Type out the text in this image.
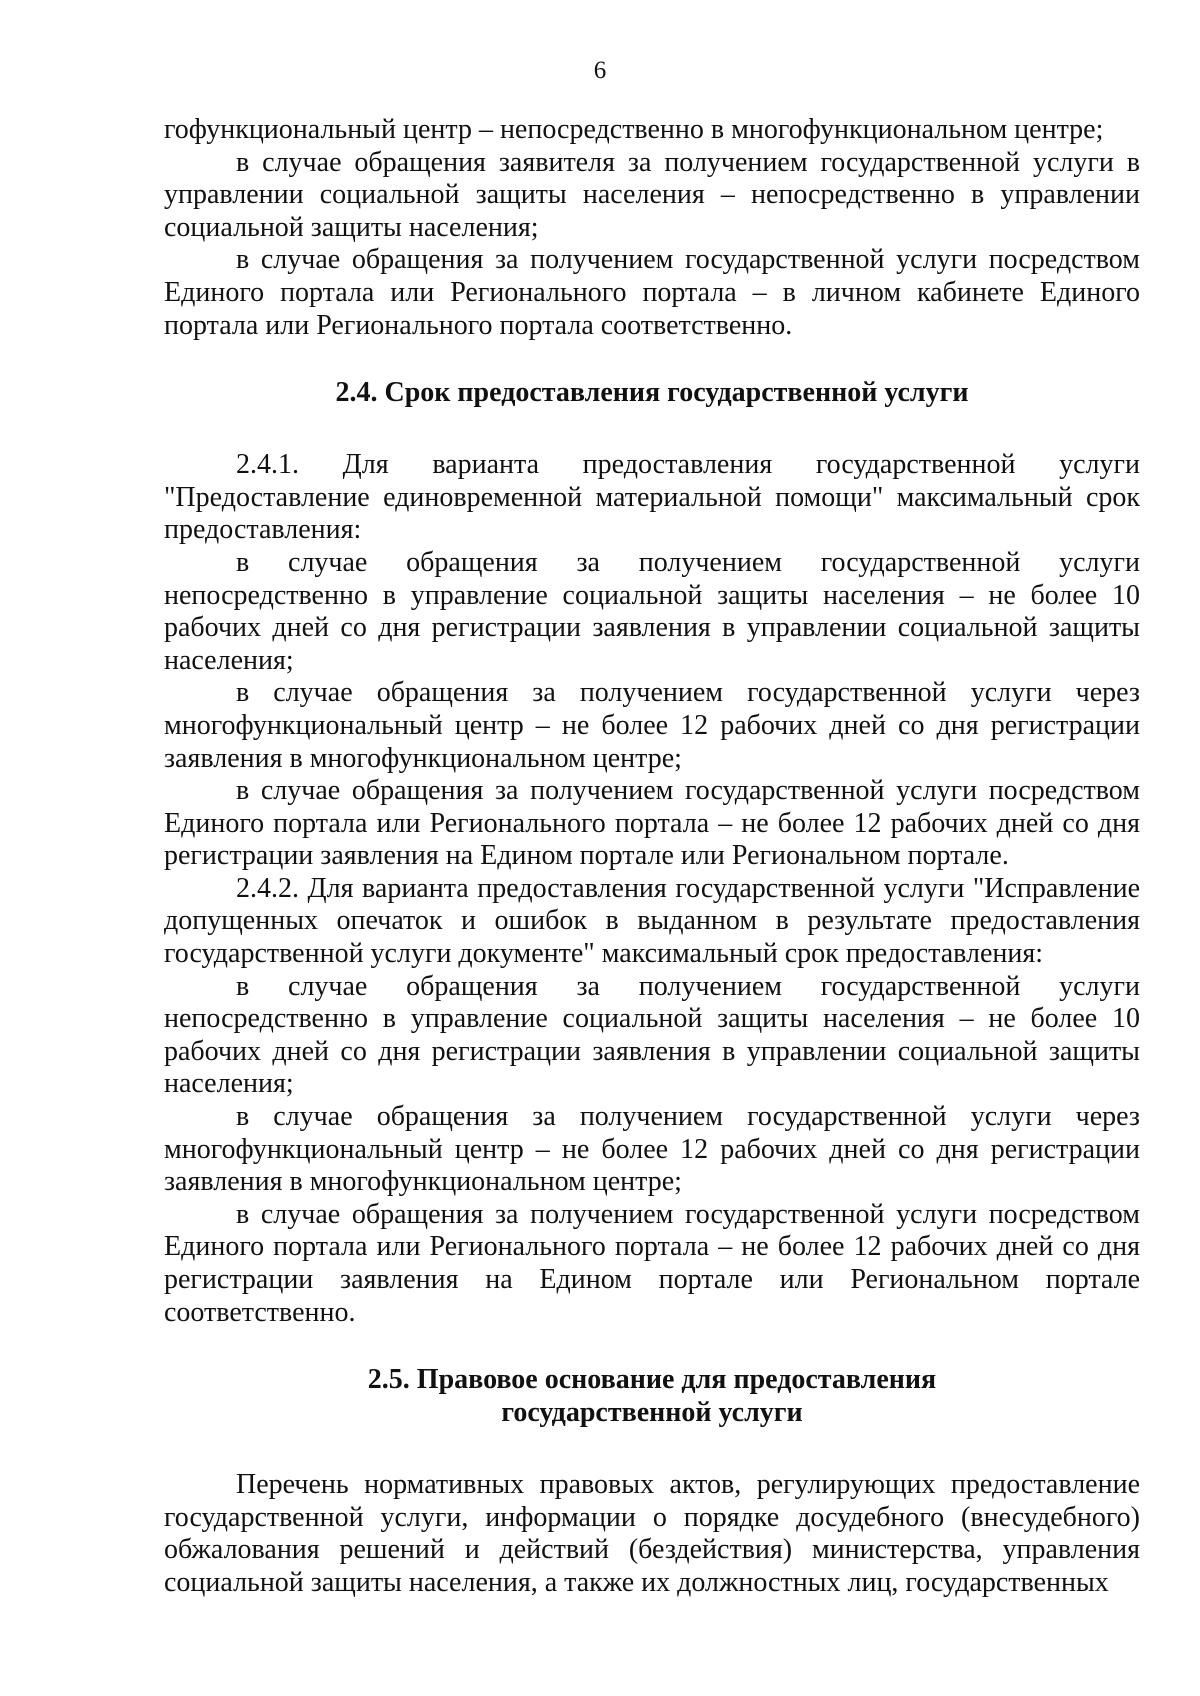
6

гофункциональный центр – непосредственно в многофункциональном центре;

в случае обращения заявителя за получением государственной услуги в управлении социальной защиты населения – непосредственно в управлении социальной защиты населения;

в случае обращения за получением государственной услуги посредством Единого портала или Регионального портала – в личном кабинете Единого портала или Регионального портала соответственно.

2.4. Срок предоставления государственной услуги

2.4.1. Для варианта предоставления государственной услуги "Предоставление единовременной материальной помощи" максимальный срок предоставления:

в случае обращения за получением государственной услуги непосредственно в управление социальной защиты населения – не более 10 рабочих дней со дня регистрации заявления в управлении социальной защиты населения;

в случае обращения за получением государственной услуги через многофункциональный центр – не более 12 рабочих дней со дня регистрации заявления в многофункциональном центре;

в случае обращения за получением государственной услуги посредством Единого портала или Регионального портала – не более 12 рабочих дней со дня регистрации заявления на Едином портале или Региональном портале.

2.4.2. Для варианта предоставления государственной услуги "Исправление допущенных опечаток и ошибок в выданном в результате предоставления государственной услуги документе" максимальный срок предоставления:

в случае обращения за получением государственной услуги непосредственно в управление социальной защиты населения – не более 10 рабочих дней со дня регистрации заявления в управлении социальной защиты населения;

в случае обращения за получением государственной услуги через многофункциональный центр – не более 12 рабочих дней со дня регистрации заявления в многофункциональном центре;

в случае обращения за получением государственной услуги посредством Единого портала или Регионального портала – не более 12 рабочих дней со дня регистрации заявления на Едином портале или Региональном портале соответственно.

2.5. Правовое основание для предоставления
государственной услуги

Перечень нормативных правовых актов, регулирующих предоставление государственной услуги, информации о порядке досудебного (внесудебного) обжалования решений и действий (бездействия) министерства, управления социальной защиты населения, а также их должностных лиц, государственных
